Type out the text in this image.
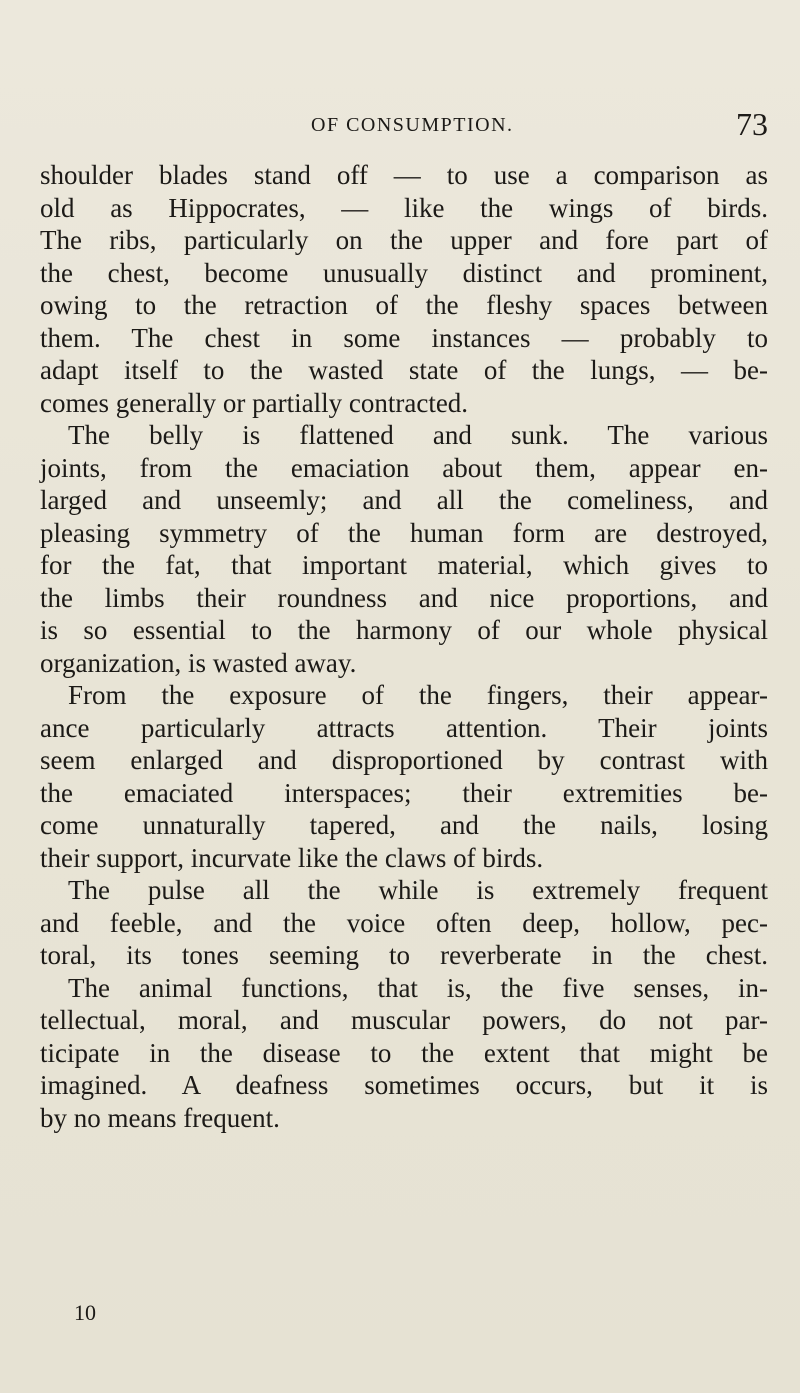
OF CONSUMPTION.	73
shoulder blades stand off — to use a comparison as
old as Hippocrates, — like the wings of birds.
The ribs, particularly on the upper and fore part of
the chest, become unusually distinct and prominent,
owing to the retraction of the fleshy spaces between
them. The chest in some instances — probably to
adapt itself to the wasted state of the lungs, — be-
comes generally or partially contracted.
The belly is flattened and sunk. The various
joints, from the emaciation about them, appear en-
larged and unseemly; and all the comeliness, and
pleasing symmetry of the human form are destroyed,
for the fat, that important material, which gives to
the limbs their roundness and nice proportions, and
is so essential to the harmony of our whole physical
organization, is wasted away.
From the exposure of the fingers, their appear-
ance particularly attracts attention. Their joints
seem enlarged and disproportioned by contrast with
the emaciated interspaces; their extremities be-
come unnaturally tapered, and the nails, losing
their support, incurvate like the claws of birds.
The pulse all the while is extremely frequent
and feeble, and the voice often deep, hollow, pec-
toral, its tones seeming to reverberate in the chest.
The animal functions, that is, the five senses, in-
tellectual, moral, and muscular powers, do not par-
ticipate in the disease to the extent that might be
imagined. A deafness sometimes occurs, but it is
by no means frequent.
10
